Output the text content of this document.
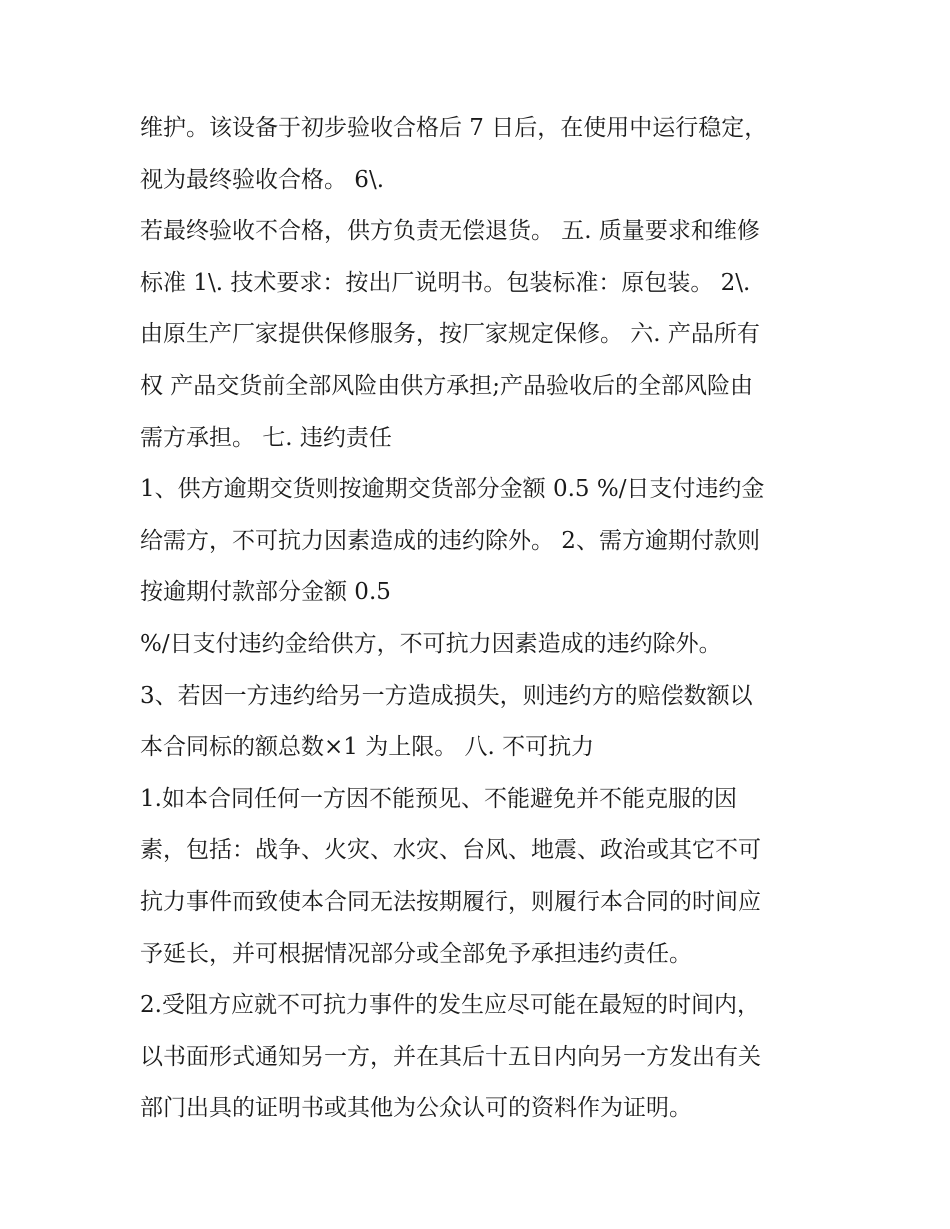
维护。该设备于初步验收合格后 7 日后，在使用中运行稳定，
视为最终验收合格。 6\.
若最终验收不合格，供方负责无偿退货。 五. 质量要求和维修
标准 1\. 技术要求：按出厂说明书。包装标准：原包装。 2\.
由原生产厂家提供保修服务，按厂家规定保修。 六. 产品所有
权 产品交货前全部风险由供方承担;产品验收后的全部风险由
需方承担。 七. 违约责任
1、供方逾期交货则按逾期交货部分金额 0.5 %/日支付违约金
给需方，不可抗力因素造成的违约除外。 2、需方逾期付款则
按逾期付款部分金额 0.5
%/日支付违约金给供方，不可抗力因素造成的违约除外。
3、若因一方违约给另一方造成损失，则违约方的赔偿数额以
本合同标的额总数×1 为上限。 八. 不可抗力
1.如本合同任何一方因不能预见、不能避免并不能克服的因
素，包括：战争、火灾、水灾、台风、地震、政治或其它不可
抗力事件而致使本合同无法按期履行，则履行本合同的时间应
予延长，并可根据情况部分或全部免予承担违约责任。
2.受阻方应就不可抗力事件的发生应尽可能在最短的时间内，
以书面形式通知另一方，并在其后十五日内向另一方发出有关
部门出具的证明书或其他为公众认可的资料作为证明。
